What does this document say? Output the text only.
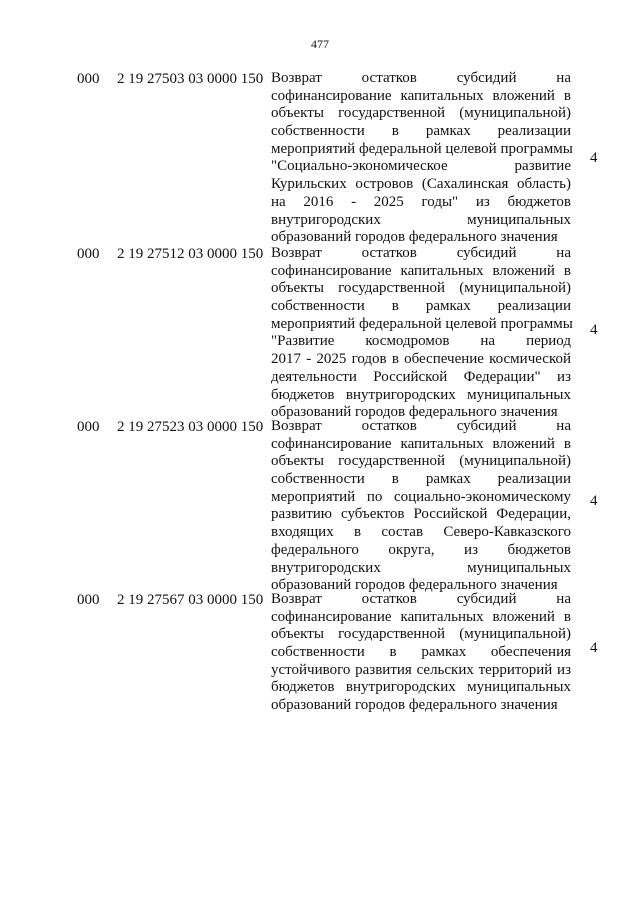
477
000 2 19 27503 03 0000 150 Возврат остатков субсидий на
софинансирование капитальных вложений в
объекты государственной (муниципальной)
собственности в рамках реализации
мероприятий федеральной целевой программы
"Социально-экономическое развитие
Курильских островов (Сахалинская область)
на 2016 - 2025 годы" из бюджетов
внутригородских муниципальных
образований городов федерального значения
4
000 2 19 27512 03 0000 150 Возврат остатков субсидий на
софинансирование капитальных вложений в
объекты государственной (муниципальной)
собственности в рамках реализации
мероприятий федеральной целевой программы
"Развитие космодромов на период
2017 - 2025 годов в обеспечение космической
деятельности Российской Федерации" из
бюджетов внутригородских муниципальных
образований городов федерального значения
4
000 2 19 27523 03 0000 150 Возврат остатков субсидий на
софинансирование капитальных вложений в
объекты государственной (муниципальной)
собственности в рамках реализации
мероприятий по социально-экономическому
развитию субъектов Российской Федерации,
входящих в состав Северо-Кавказского
федерального округа, из бюджетов
внутригородских муниципальных
образований городов федерального значения
4
000 2 19 27567 03 0000 150 Возврат остатков субсидий на
софинансирование капитальных вложений в
объекты государственной (муниципальной)
собственности в рамках обеспечения
устойчивого развития сельских территорий из
бюджетов внутригородских муниципальных
образований городов федерального значения
4
